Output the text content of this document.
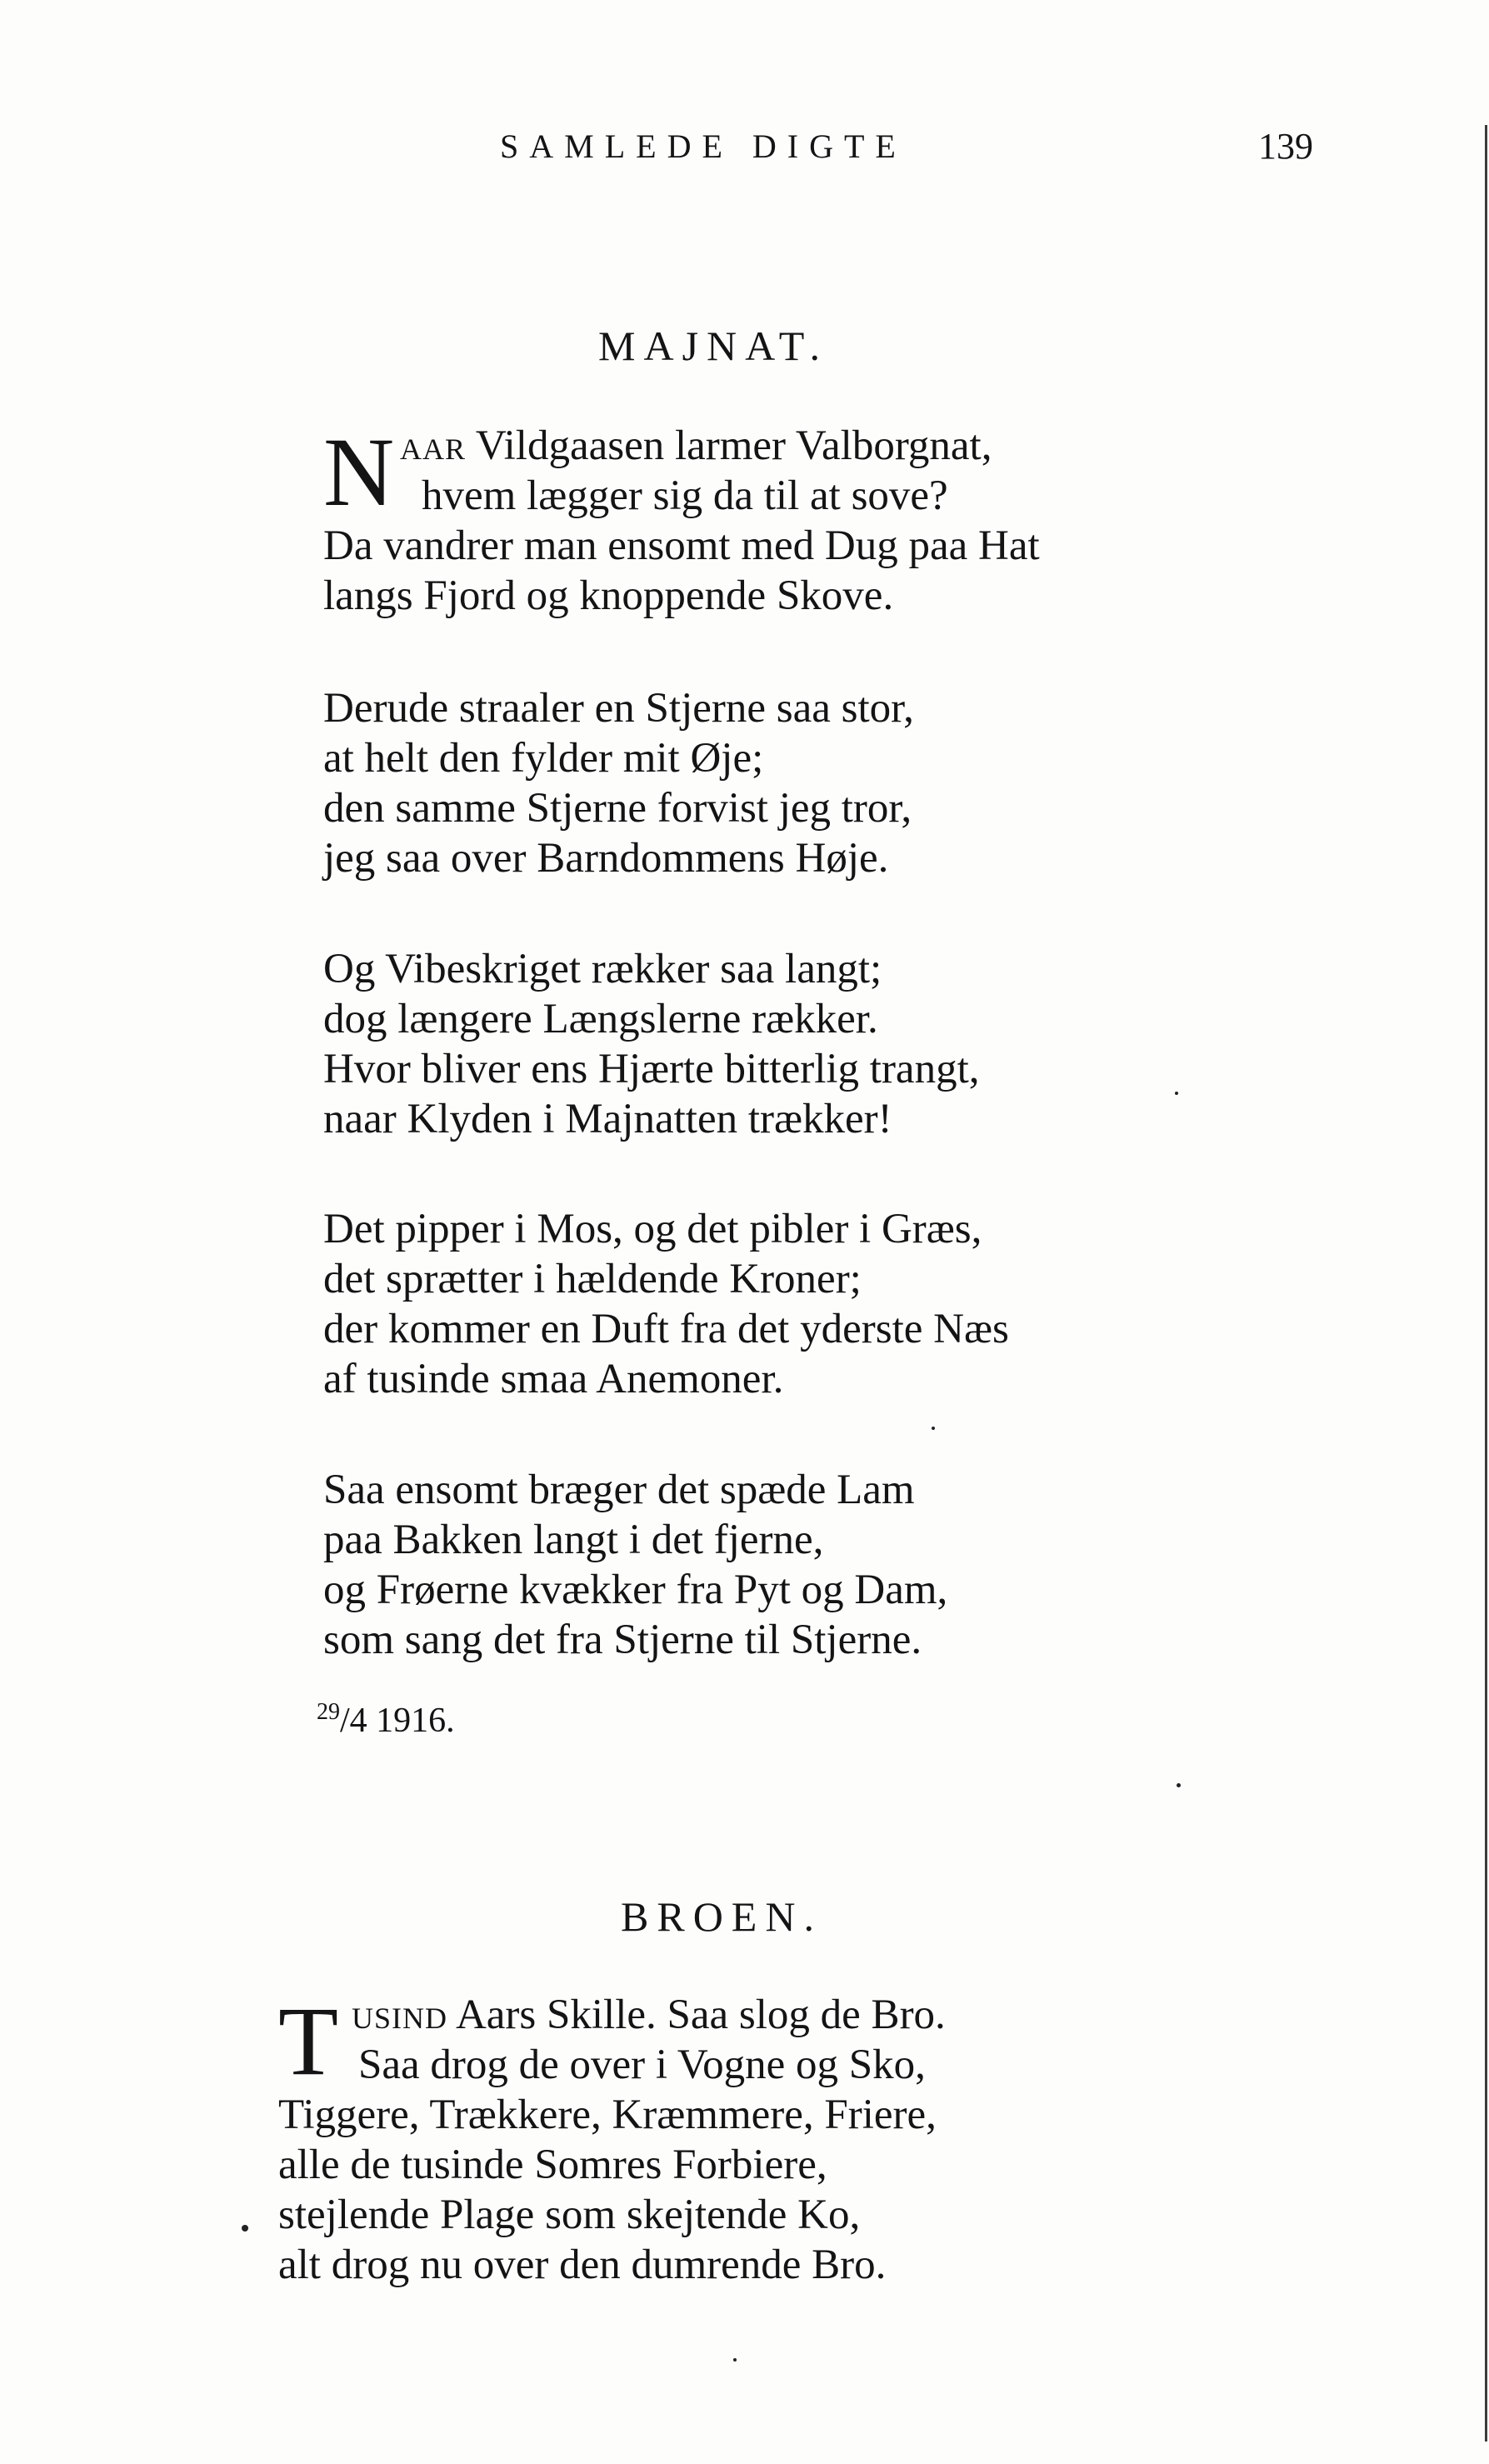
SAMLEDE DIGTE	139
MAJNAT.
N AAR Vildgaasen larmer Valborgnat,
hvem lægger sig da til at sove?
Da vandrer man ensomt med Dug paa Hat
langs Fjord og knoppende Skove.
Derude straaler en Stjerne saa stor,
at helt den fylder mit Øje;
den samme Stjerne forvist jeg tror,
jeg saa over Barndommens Høje.
Og Vibeskriget rækker saa langt;
dog længere Længslerne rækker.
Hvor bliver ens Hjærte bitterlig trangt,
naar Klyden i Majnatten trækker!
Det pipper i Mos, og det pibler i Græs,
det sprætter i hældende Kroner;
der kommer en Duft fra det yderste Næs
af tusinde smaa Anemoner.
Saa ensomt bræger det spæde Lam
paa Bakken langt i det fjerne,
og Frøerne kvækker fra Pyt og Dam,
som sang det fra Stjerne til Stjerne.
$^{29}$/4 1916.
BROEN.
T USIND Aars Skille. Saa slog de Bro.
Saa drog de over i Vogne og Sko,
Tiggere, Trækkere, Kræmmere, Friere,
alle de tusinde Somres Forbiere,
stejlende Plage som skejtende Ko,
alt drog nu over den dumrende Bro.
